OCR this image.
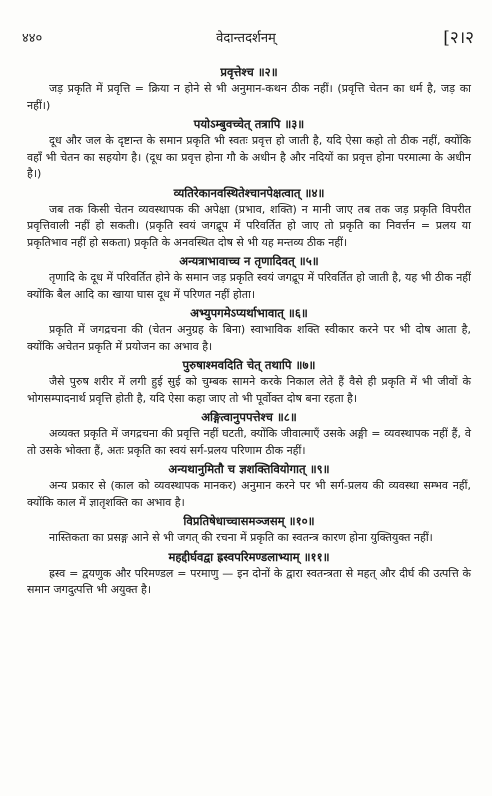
४४०	वेदान्तदर्शनम्	[२।२
प्रवृत्तेश्च ॥२॥
जड़ प्रकृति में प्रवृत्ति = क्रिया न होने से भी अनुमान-कथन ठीक नहीं। (प्रवृत्ति चेतन का धर्म है, जड़ का नहीं।)
पयोऽम्बुवच्चेत् तत्रापि ॥३॥
दूध और जल के दृष्टान्त के समान प्रकृति भी स्वतः प्रवृत्त हो जाती है, यदि ऐसा कहो तो ठीक नहीं, क्योंकि वहाँ भी चेतन का सहयोग है। (दूध का प्रवृत्त होना गौ के अधीन है और नदियों का प्रवृत्त होना परमात्मा के अधीन है।)
व्यतिरेकानवस्थितेश्चानपेक्षत्वात् ॥४॥
जब तक किसी चेतन व्यवस्थापक की अपेक्षा (प्रभाव, शक्ति) न मानी जाए तब तक जड़ प्रकृति विपरीत प्रवृत्तिवाली नहीं हो सकती। (प्रकृति स्वयं जगद्रूप में परिवर्तित हो जाए तो प्रकृति का निवर्त्तन = प्रलय या प्रकृतिभाव नहीं हो सकता) प्रकृति के अनवस्थित दोष से भी यह मन्तव्य ठीक नहीं।
अन्यत्राभावाच्च न तृणादिवत् ॥५॥
तृणादि के दूध में परिवर्तित होने के समान जड़ प्रकृति स्वयं जगद्रूप में परिवर्तित हो जाती है, यह भी ठीक नहीं क्योंकि बैल आदि का खाया घास दूध में परिणत नहीं होता।
अभ्युपगमेऽप्यर्थाभावात् ॥६॥
प्रकृति में जगद्रचना की (चेतन अनुग्रह के बिना) स्वाभाविक शक्ति स्वीकार करने पर भी दोष आता है, क्योंकि अचेतन प्रकृति में प्रयोजन का अभाव है।
पुरुषाश्मवदिति चेत् तथापि ॥७॥
जैसे पुरुष शरीर में लगी हुई सुई को चुम्बक सामने करके निकाल लेते हैं वैसे ही प्रकृति में भी जीवों के भोगसम्पादनार्थ प्रवृत्ति होती है, यदि ऐसा कहा जाए तो भी पूर्वोक्त दोष बना रहता है।
अङ्गित्वानुपपत्तेश्च ॥८॥
अव्यक्त प्रकृति में जगद्रचना की प्रवृत्ति नहीं घटती, क्योंकि जीवात्माएँ उसके अङ्गी = व्यवस्थापक नहीं हैं, वे तो उसके भोक्ता हैं, अतः प्रकृति का स्वयं सर्ग-प्रलय परिणाम ठीक नहीं।
अन्यथानुमितौ च ज्ञशक्तिवियोगात् ॥९॥
अन्य प्रकार से (काल को व्यवस्थापक मानकर) अनुमान करने पर भी सर्ग-प्रलय की व्यवस्था सम्भव नहीं, क्योंकि काल में ज्ञातृशक्ति का अभाव है।
विप्रतिषेधाच्चासमञ्जसम् ॥१०॥
नास्तिकता का प्रसङ्ग आने से भी जगत् की रचना में प्रकृति का स्वतन्त्र कारण होना युक्तियुक्त नहीं।
महद्दीर्घवद्वा ह्रस्वपरिमण्डलाभ्याम् ॥११॥
ह्रस्व = द्वयणुक और परिमण्डल = परमाणु — इन दोनों के द्वारा स्वतन्त्रता से महत् और दीर्घ की उत्पत्ति के समान जगदुत्पत्ति भी अयुक्त है।
